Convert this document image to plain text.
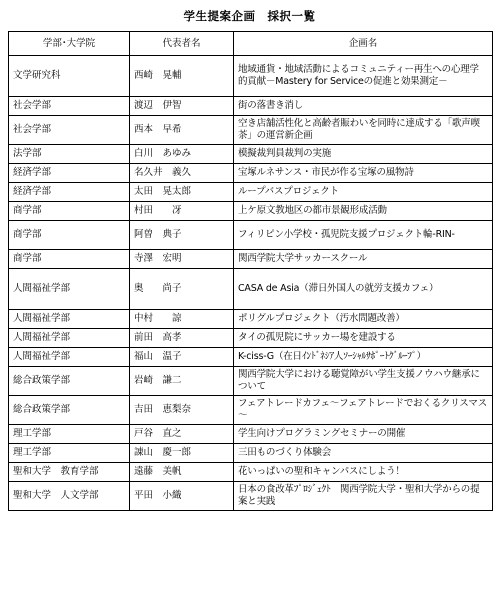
学生提案企画　採択一覧
学部･大学院	代表者名	企画名
文学研究科	西崎　晃輔	地域通貨・地域活動によるコミュニティー再生への心理学的貢献－Mastery for Serviceの促進と効果測定－
社会学部	渡辺　伊智	街の落書き消し
社会学部	西本　早希	空き店舗活性化と高齢者賑わいを同時に達成する「歌声喫茶」の運営新企画
法学部	白川　あゆみ	模擬裁判員裁判の実施
経済学部	名久井　義久	宝塚ルネサンス・市民が作る宝塚の風物詩
経済学部	太田　晃太郎	ループバスプロジェクト
商学部	村田　　冴	上ケ原文教地区の都市景観形成活動
商学部	阿曽　典子	フィリピン小学校・孤児院支援プロジェクト輪-RIN-
商学部	寺澤　宏明	関西学院大学サッカースクール
人間福祉学部	奥　　尚子	CASA de Asia（滞日外国人の就労支援カフェ）
人間福祉学部	中村　　諒	ポリグルプロジェクト（汚水問題改善）
人間福祉学部	前田　高孝	タイの孤児院にサッカー場を建設する
人間福祉学部	福山　温子	K-ciss-G（在日ｲﾝﾄﾞﾈｼｱ人ｿｰｼｬﾙｻﾎﾟｰﾄｸﾞﾙｰﾌﾟ）
総合政策学部	岩崎　謙二	関西学院大学における聴覚障がい学生支援ノウハウ継承について
総合政策学部	吉田　恵梨奈	フェアトレードカフェ～フェアトレードでおくるクリスマス～
理工学部	戸谷　直之	学生向けプログラミングセミナーの開催
理工学部	諌山　慶一郎	三田ものづくり体験会
聖和大学　教育学部	遠藤　美帆	花いっぱいの聖和キャンパスにしよう！
聖和大学　人文学部	平田　小織	日本の食改革ﾌﾟﾛｼﾞｪｸﾄ　関西学院大学・聖和大学からの提案と実践
